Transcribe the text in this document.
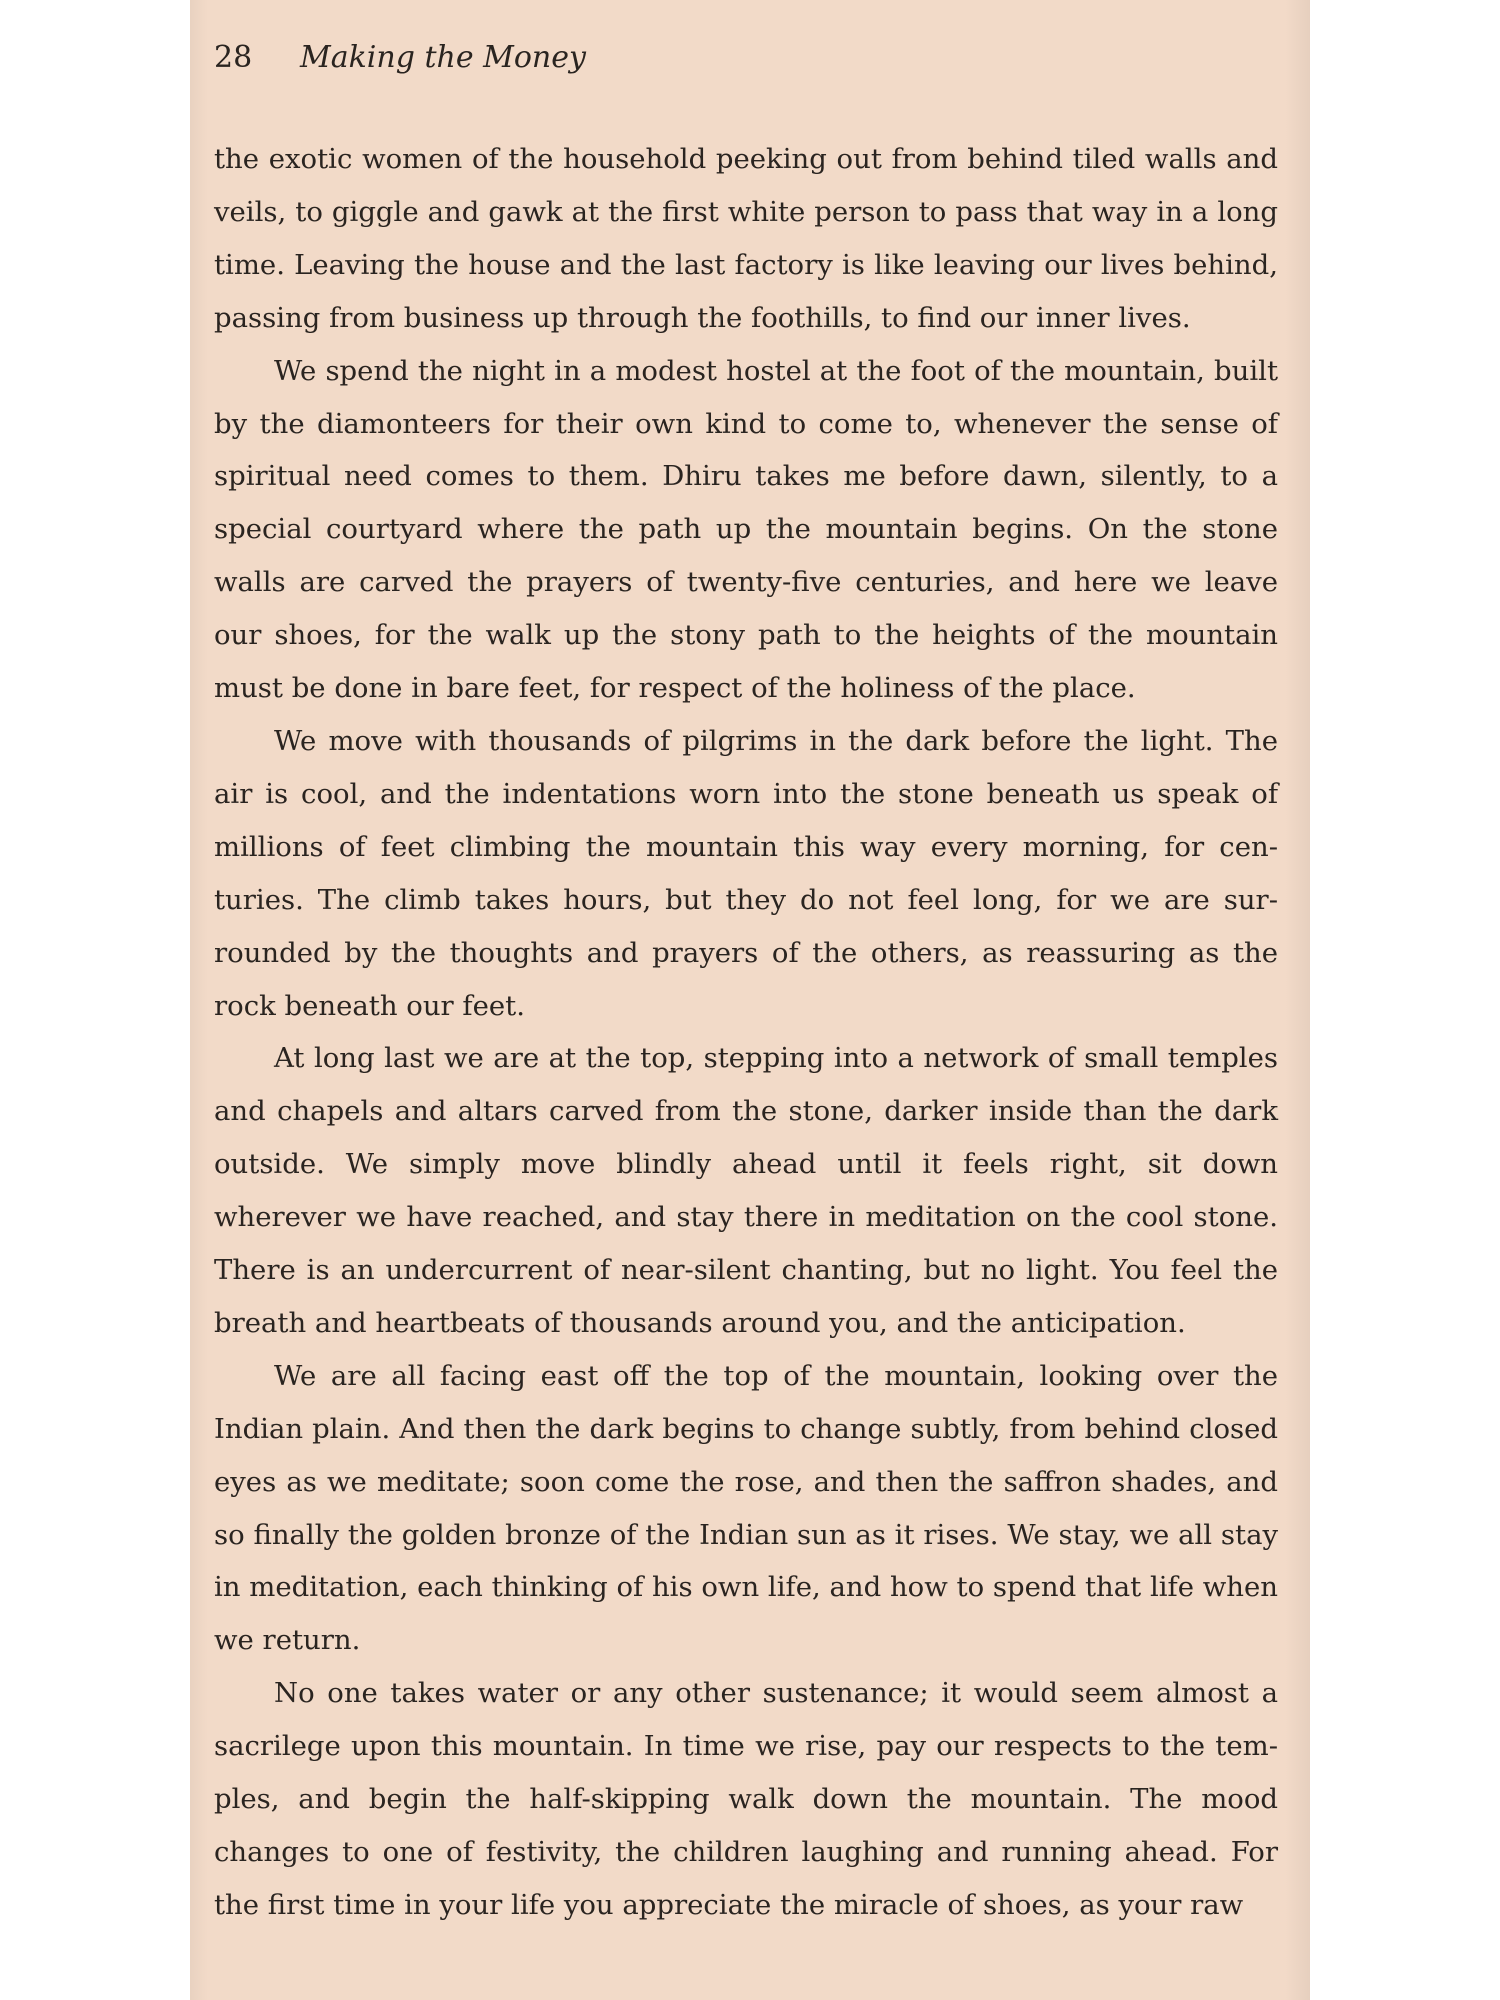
28	Making the Money

the exotic women of the household peeking out from behind tiled walls and veils, to giggle and gawk at the first white person to pass that way in a long time. Leaving the house and the last factory is like leaving our lives behind, passing from business up through the foothills, to find our inner lives.

We spend the night in a modest hostel at the foot of the mountain, built by the diamonteers for their own kind to come to, whenever the sense of spiritual need comes to them. Dhiru takes me before dawn, silently, to a special courtyard where the path up the mountain begins. On the stone walls are carved the prayers of twenty-five centuries, and here we leave our shoes, for the walk up the stony path to the heights of the mountain must be done in bare feet, for respect of the holiness of the place.

We move with thousands of pilgrims in the dark before the light. The air is cool, and the indentations worn into the stone beneath us speak of millions of feet climbing the mountain this way every morning, for centuries. The climb takes hours, but they do not feel long, for we are surrounded by the thoughts and prayers of the others, as reassuring as the rock beneath our feet.

At long last we are at the top, stepping into a network of small temples and chapels and altars carved from the stone, darker inside than the dark outside. We simply move blindly ahead until it feels right, sit down wherever we have reached, and stay there in meditation on the cool stone. There is an undercurrent of near-silent chanting, but no light. You feel the breath and heartbeats of thousands around you, and the anticipation.

We are all facing east off the top of the mountain, looking over the Indian plain. And then the dark begins to change subtly, from behind closed eyes as we meditate; soon come the rose, and then the saffron shades, and so finally the golden bronze of the Indian sun as it rises. We stay, we all stay in meditation, each thinking of his own life, and how to spend that life when we return.

No one takes water or any other sustenance; it would seem almost a sacrilege upon this mountain. In time we rise, pay our respects to the temples, and begin the half-skipping walk down the mountain. The mood changes to one of festivity, the children laughing and running ahead. For the first time in your life you appreciate the miracle of shoes, as your raw
